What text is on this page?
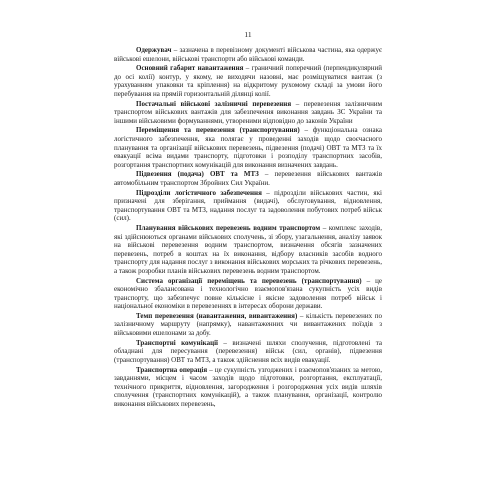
11

Одержувач – зазначена в перевізному документі військова частина, яка одержує військові ешелони, військові транспорти або військові команди.

Основний габарит навантаження – граничний поперечний (перпендикулярний до осі колії) контур, у якому, не виходячи назовні, має розміщуватися вантаж (з урахуванням упаковки та кріплення) на відкритому рухомому складі за умови його перебування на прямій горизонтальній ділянці колії.

Постачальні військові залізничні перевезення – перевезення залізничним транспортом військових вантажів для забезпечення виконання завдань ЗС України та іншими військовими формуваннями, утвореними відповідно до законів України

Переміщення та перевезення (транспортування) – функціональна ознака логістичного забезпечення, яка полягає у проведенні заходів щодо своєчасного планування та організації військових перевезень, підвезення (подачі) ОВТ та МТЗ та їх евакуації всіма видами транспорту, підготовки і розподілу транспортних засобів, розгортання транспортних комунікацій для виконання визначених завдань.

Підвезення (подача) ОВТ та МТЗ – перевезення військових вантажів автомобільним транспортом Збройних Сил України.

Підрозділи логістичного забезпечення – підрозділи військових частин, які призначені для зберігання, приймання (видачі), обслуговування, відновлення, транспортування ОВТ та МТЗ, надання послуг та задоволення побутових потреб військ (сил).

Планування військових перевезень водним транспортом – комплекс заходів, які здійснюються органами військових сполучень, зі збору, узагальнення, аналізу заявок на військові перевезення водним транспортом, визначення обсягів зазначених перевезень, потреб в коштах на їх виконання, відбору власників засобів водного транспорту для надання послуг з виконання військових морських та річкових перевезень, а також розробки планів військових перевезень водним транспортом.

Система організації переміщень та перевезень (транспортування) – це економічно збалансована і технологічно взаємопов'язана сукупність усіх видів транспорту, що забезпечує повне кількісне і якісне задоволення потреб військ і національної економіки в перевезеннях в інтересах оборони держави.

Темп перевезення (навантаження, вивантаження) – кількість перевезених по залізничному маршруту (напрямку), навантаженних чи вивантажених поїздів з військовими ешелонами за добу.

Транспортні комунікації – визначені шляхи сполучення, підготовлені та обладнані для пересування (перевезення) військ (сил, органів), підвезення (транспортування) ОВТ та МТЗ, а також здійснення всіх видів евакуації.

Транспортна операція – це сукупність узгоджених і взаємопов'язаних за метою, завданнями, місцем і часом заходів щодо підготовки, розгортання, експлуатації, технічного прикриття, відновлення, загородження і розгородження усіх видів шляхів сполучення (транспортних комунікацій), а також планування, організації, контролю виконання військових перевезень,
